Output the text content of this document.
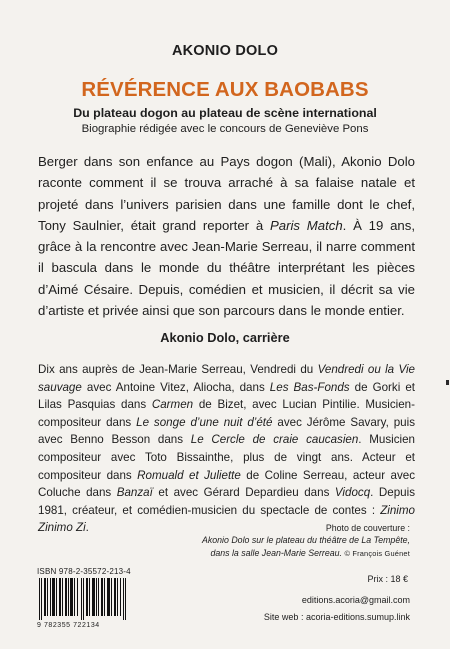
AKONIO DOLO
RÉVÉRENCE AUX BAOBABS
Du plateau dogon au plateau de scène international
Biographie rédigée avec le concours de Geneviève Pons
Berger dans son enfance au Pays dogon (Mali), Akonio Dolo raconte comment il se trouva arraché à sa falaise natale et projeté dans l’univers parisien dans une famille dont le chef, Tony Saulnier, était grand reporter à Paris Match. À 19 ans, grâce à la rencontre avec Jean-Marie Serreau, il narre comment il bascula dans le monde du théâtre interprétant les pièces d’Aimé Césaire. Depuis, comédien et musicien, il décrit sa vie d’artiste et privée ainsi que son parcours dans le monde entier.
Akonio Dolo, carrière
Dix ans auprès de Jean-Marie Serreau, Vendredi du Vendredi ou la Vie sauvage avec Antoine Vitez, Aliocha, dans Les Bas-Fonds de Gorki et Lilas Pasquias dans Carmen de Bizet, avec Lucian Pintilie. Musicien-compositeur dans Le songe d’une nuit d’été avec Jérôme Savary, puis avec Benno Besson dans Le Cercle de craie caucasien. Musicien compositeur avec Toto Bissainthe, plus de vingt ans. Acteur et compositeur dans Romuald et Juliette de Coline Serreau, acteur avec Coluche dans Banzaï et avec Gérard Depardieu dans Vidocq. Depuis 1981, créateur, et comédien-musicien du spectacle de contes : Zinimo Zinimo Zi.	Photo de couverture :
Akonio Dolo sur le plateau du théâtre de La Tempête,
dans la salle Jean-Marie Serreau. © François Guénet
ISBN 978-2-35572-213-4
9 782355 722134
Prix : 18 €
editions.acoria@gmail.com
Site web : acoria-editions.sumup.link
